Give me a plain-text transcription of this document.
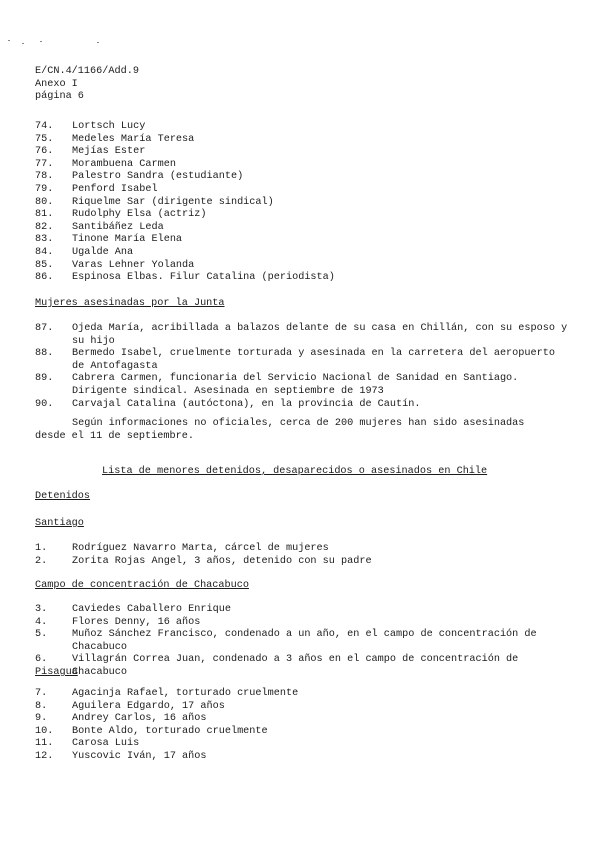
E/CN.4/1166/Add.9
Anexo I
página 6
74.	Lortsch Lucy
75.	Medeles María Teresa
76.	Mejías Ester
77.	Morambuena Carmen
78.	Palestro Sandra (estudiante)
79.	Penford Isabel
80.	Riquelme Sar (dirigente sindical)
81.	Rudolphy Elsa (actriz)
82.	Santibáñez Leda
83.	Tinone María Elena
84.	Ugalde Ana
85.	Varas Lehner Yolanda
86.	Espinosa Elbas. Filur Catalina (periodista)
Mujeres asesinadas por la Junta
87.	Ojeda María, acribillada a balazos delante de su casa en Chillán, con su esposo y su hijo
88.	Bermedo Isabel, cruelmente torturada y asesinada en la carretera del aeropuerto de Antofagasta
89.	Cabrera Carmen, funcionaria del Servicio Nacional de Sanidad en Santiago. Dirigente sindical. Asesinada en septiembre de 1973
90.	Carvajal Catalina (autóctona), en la provincia de Cautín.
Según informaciones no oficiales, cerca de 200 mujeres han sido asesinadas desde el 11 de septiembre.
Lista de menores detenidos, desaparecidos o asesinados en Chile
Detenidos
Santiago
1.	Rodríguez Navarro Marta, cárcel de mujeres
2.	Zorita Rojas Angel, 3 años, detenido con su padre
Campo de concentración de Chacabuco
3.	Caviedes Caballero Enrique
4.	Flores Denny, 16 años
5.	Muñoz Sánchez Francisco, condenado a un año, en el campo de concentración de Chacabuco
6.	Villagrán Correa Juan, condenado a 3 años en el campo de concentración de Chacabuco
Pisagua
7.	Agacinja Rafael, torturado cruelmente
8.	Aguilera Edgardo, 17 años
9.	Andrey Carlos, 16 años
10.	Bonte Aldo, torturado cruelmente
11.	Carosa Luis
12.	Yuscovic Iván, 17 años
